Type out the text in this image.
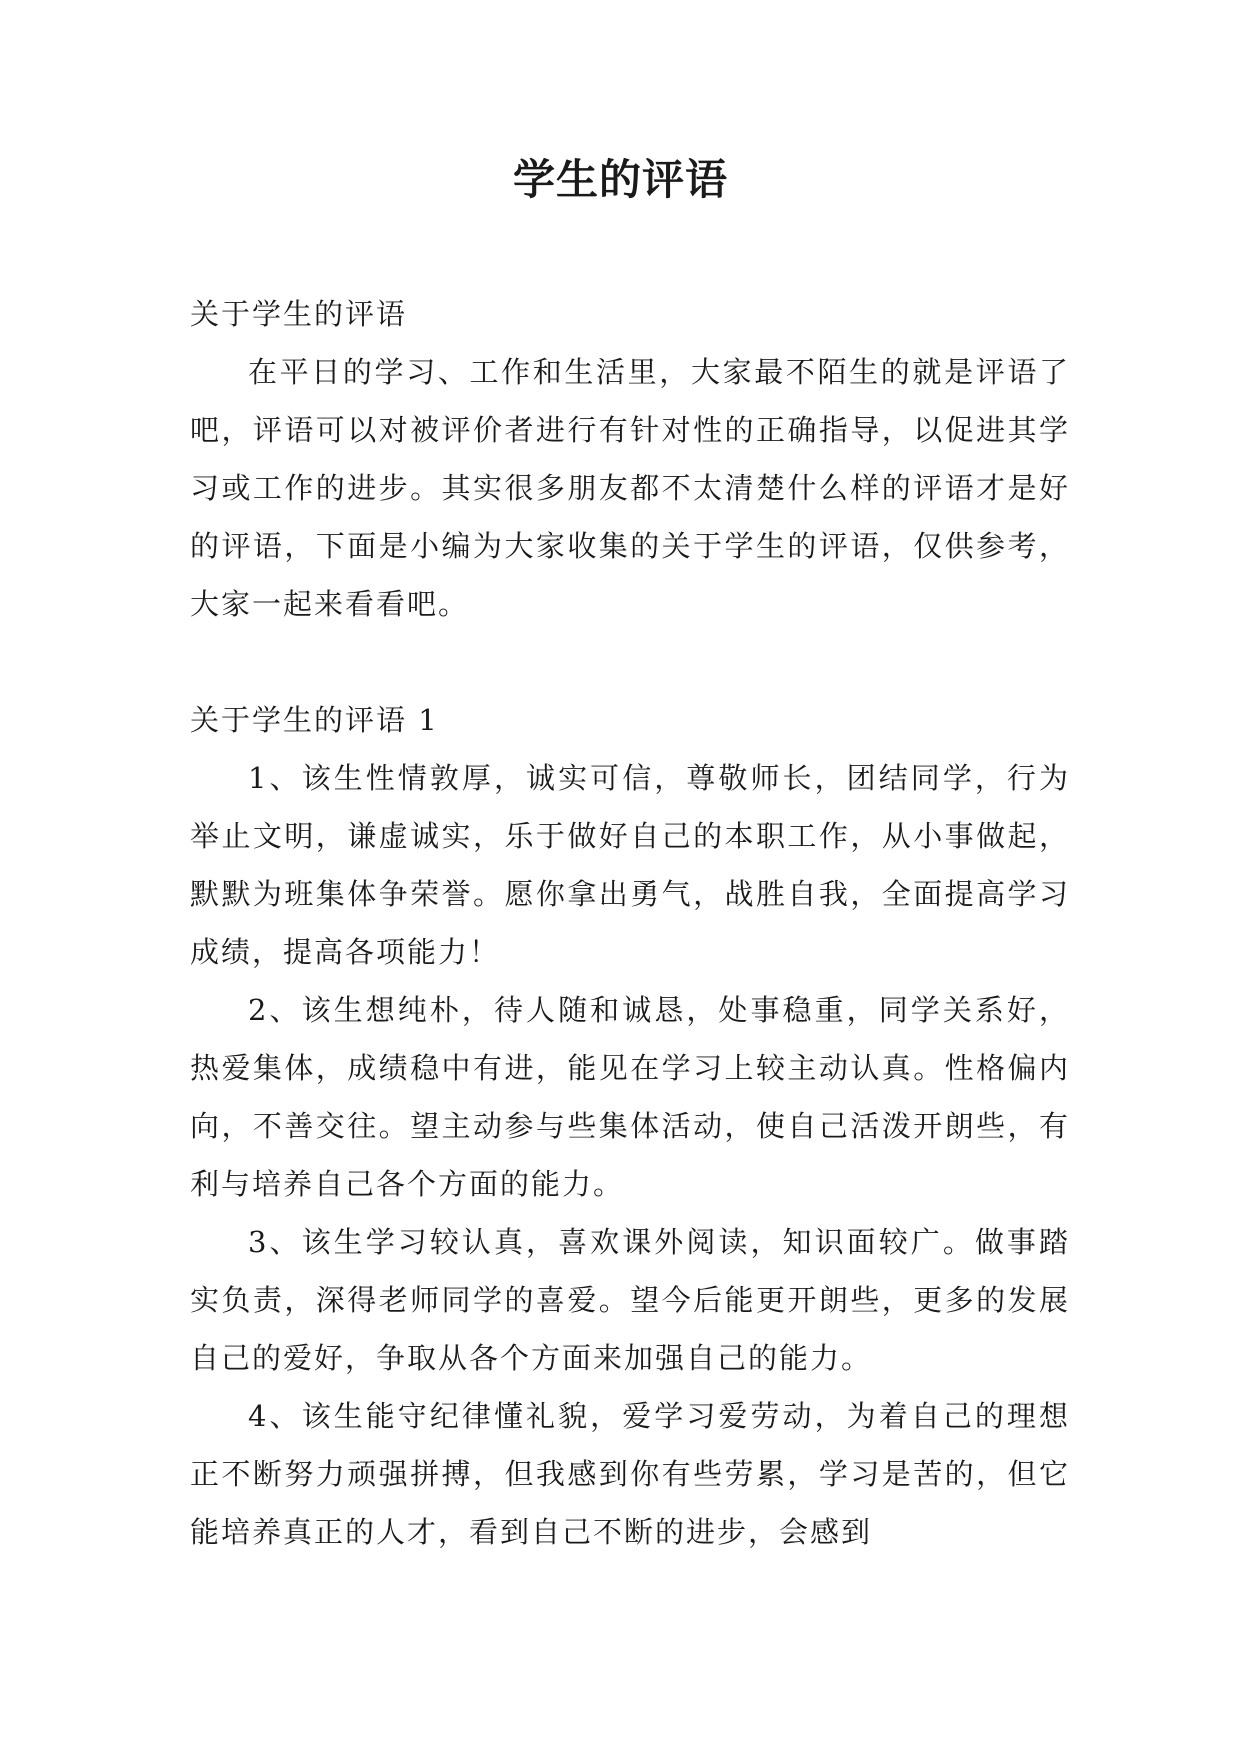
学生的评语

关于学生的评语

在平日的学习、工作和生活里，大家最不陌生的就是评语了吧，评语可以对被评价者进行有针对性的正确指导，以促进其学习或工作的进步。其实很多朋友都不太清楚什么样的评语才是好的评语，下面是小编为大家收集的关于学生的评语，仅供参考，大家一起来看看吧。

关于学生的评语 1

1、该生性情敦厚，诚实可信，尊敬师长，团结同学，行为举止文明，谦虚诚实，乐于做好自己的本职工作，从小事做起，默默为班集体争荣誉。愿你拿出勇气，战胜自我，全面提高学习成绩，提高各项能力！

2、该生想纯朴，待人随和诚恳，处事稳重，同学关系好，热爱集体，成绩稳中有进，能见在学习上较主动认真。性格偏内向，不善交往。望主动参与些集体活动，使自己活泼开朗些，有利与培养自己各个方面的能力。

3、该生学习较认真，喜欢课外阅读，知识面较广。做事踏实负责，深得老师同学的喜爱。望今后能更开朗些，更多的发展自己的爱好，争取从各个方面来加强自己的能力。

4、该生能守纪律懂礼貌，爱学习爱劳动，为着自己的理想正不断努力顽强拼搏，但我感到你有些劳累，学习是苦的，但它能培养真正的人才，看到自己不断的进步，会感到
